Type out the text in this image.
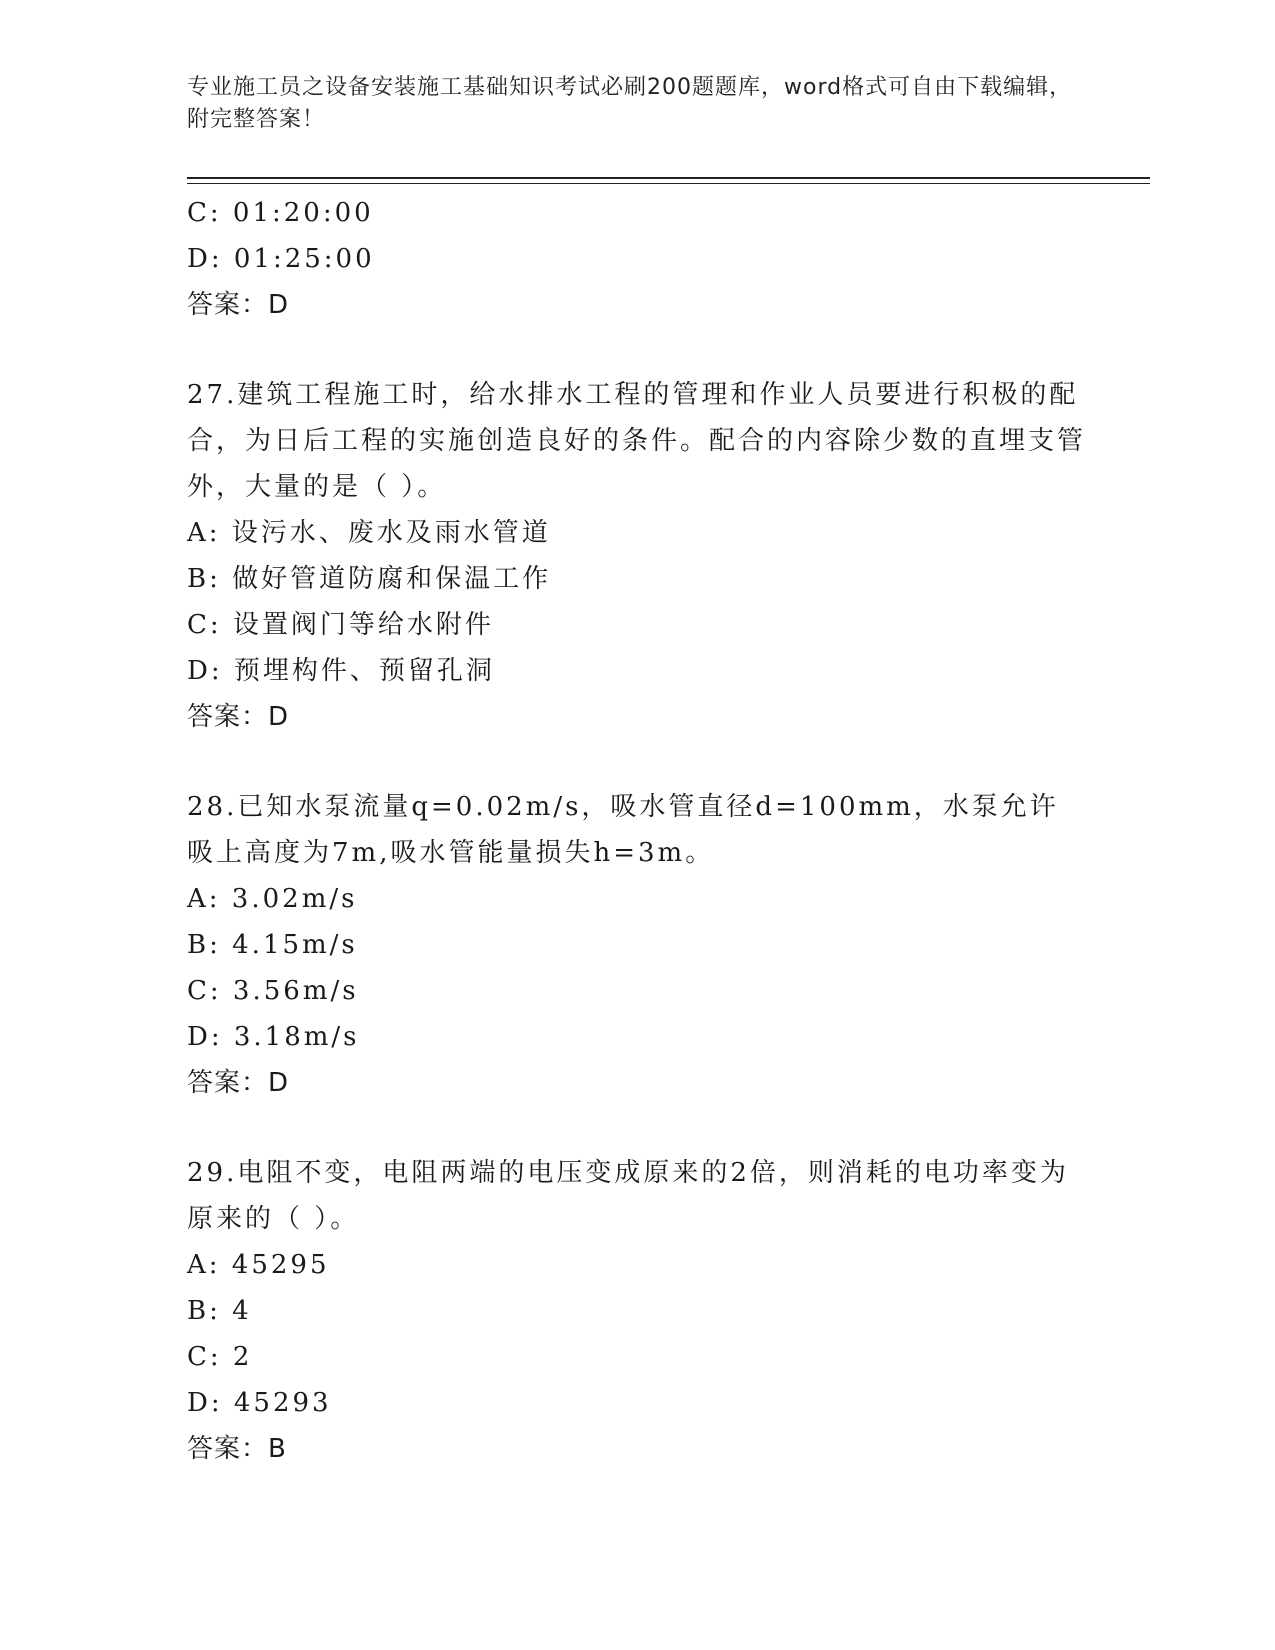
专业施工员之设备安装施工基础知识考试必刷200题题库，word格式可自由下载编辑，附完整答案！
C: 01:20:00
D: 01:25:00
答案：D
27.建筑工程施工时，给水排水工程的管理和作业人员要进行积极的配合，为日后工程的实施创造良好的条件。配合的内容除少数的直埋支管外，大量的是（ ）。
A: 设污水、废水及雨水管道
B: 做好管道防腐和保温工作
C: 设置阀门等给水附件
D: 预埋构件、预留孔洞
答案：D
28.已知水泵流量q=0.02m/s，吸水管直径d=100mm，水泵允许吸上高度为7m,吸水管能量损失h=3m。
A: 3.02m/s
B: 4.15m/s
C: 3.56m/s
D: 3.18m/s
答案：D
29.电阻不变，电阻两端的电压变成原来的2倍，则消耗的电功率变为原来的（ ）。
A: 45295
B: 4
C: 2
D: 45293
答案：B
